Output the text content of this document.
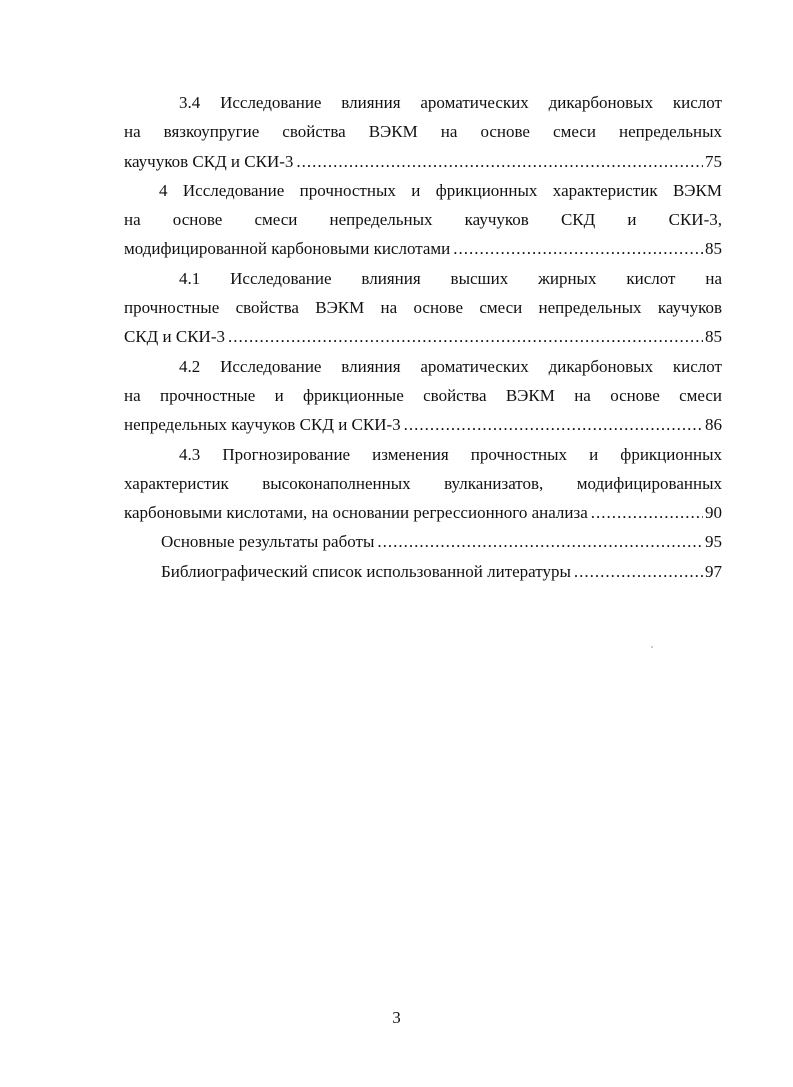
3.4 Исследование влияния ароматических дикарбоновых кислот
на вязкоупругие свойства ВЭКМ на основе смеси непредельных
каучуков СКД и СКИ-3 .....	75
4 Исследование прочностных и фрикционных характеристик ВЭКМ
на основе смеси непредельных каучуков СКД и СКИ-3,
модифицированной карбоновыми кислотами .....	85
4.1 Исследование влияния высших жирных кислот на
прочностные свойства ВЭКМ на основе смеси непредельных каучуков
СКД и СКИ-3 .....	85
4.2 Исследование влияния ароматических дикарбоновых кислот
на прочностные и фрикционные свойства ВЭКМ на основе смеси
непредельных каучуков СКД и СКИ-3 .....	86
4.3 Прогнозирование изменения прочностных и фрикционных
характеристик высоконаполненных вулканизатов, модифицированных
карбоновыми кислотами, на основании регрессионного анализа .....	90
Основные результаты работы .....	95
Библиографический список использованной литературы .....	97
3
